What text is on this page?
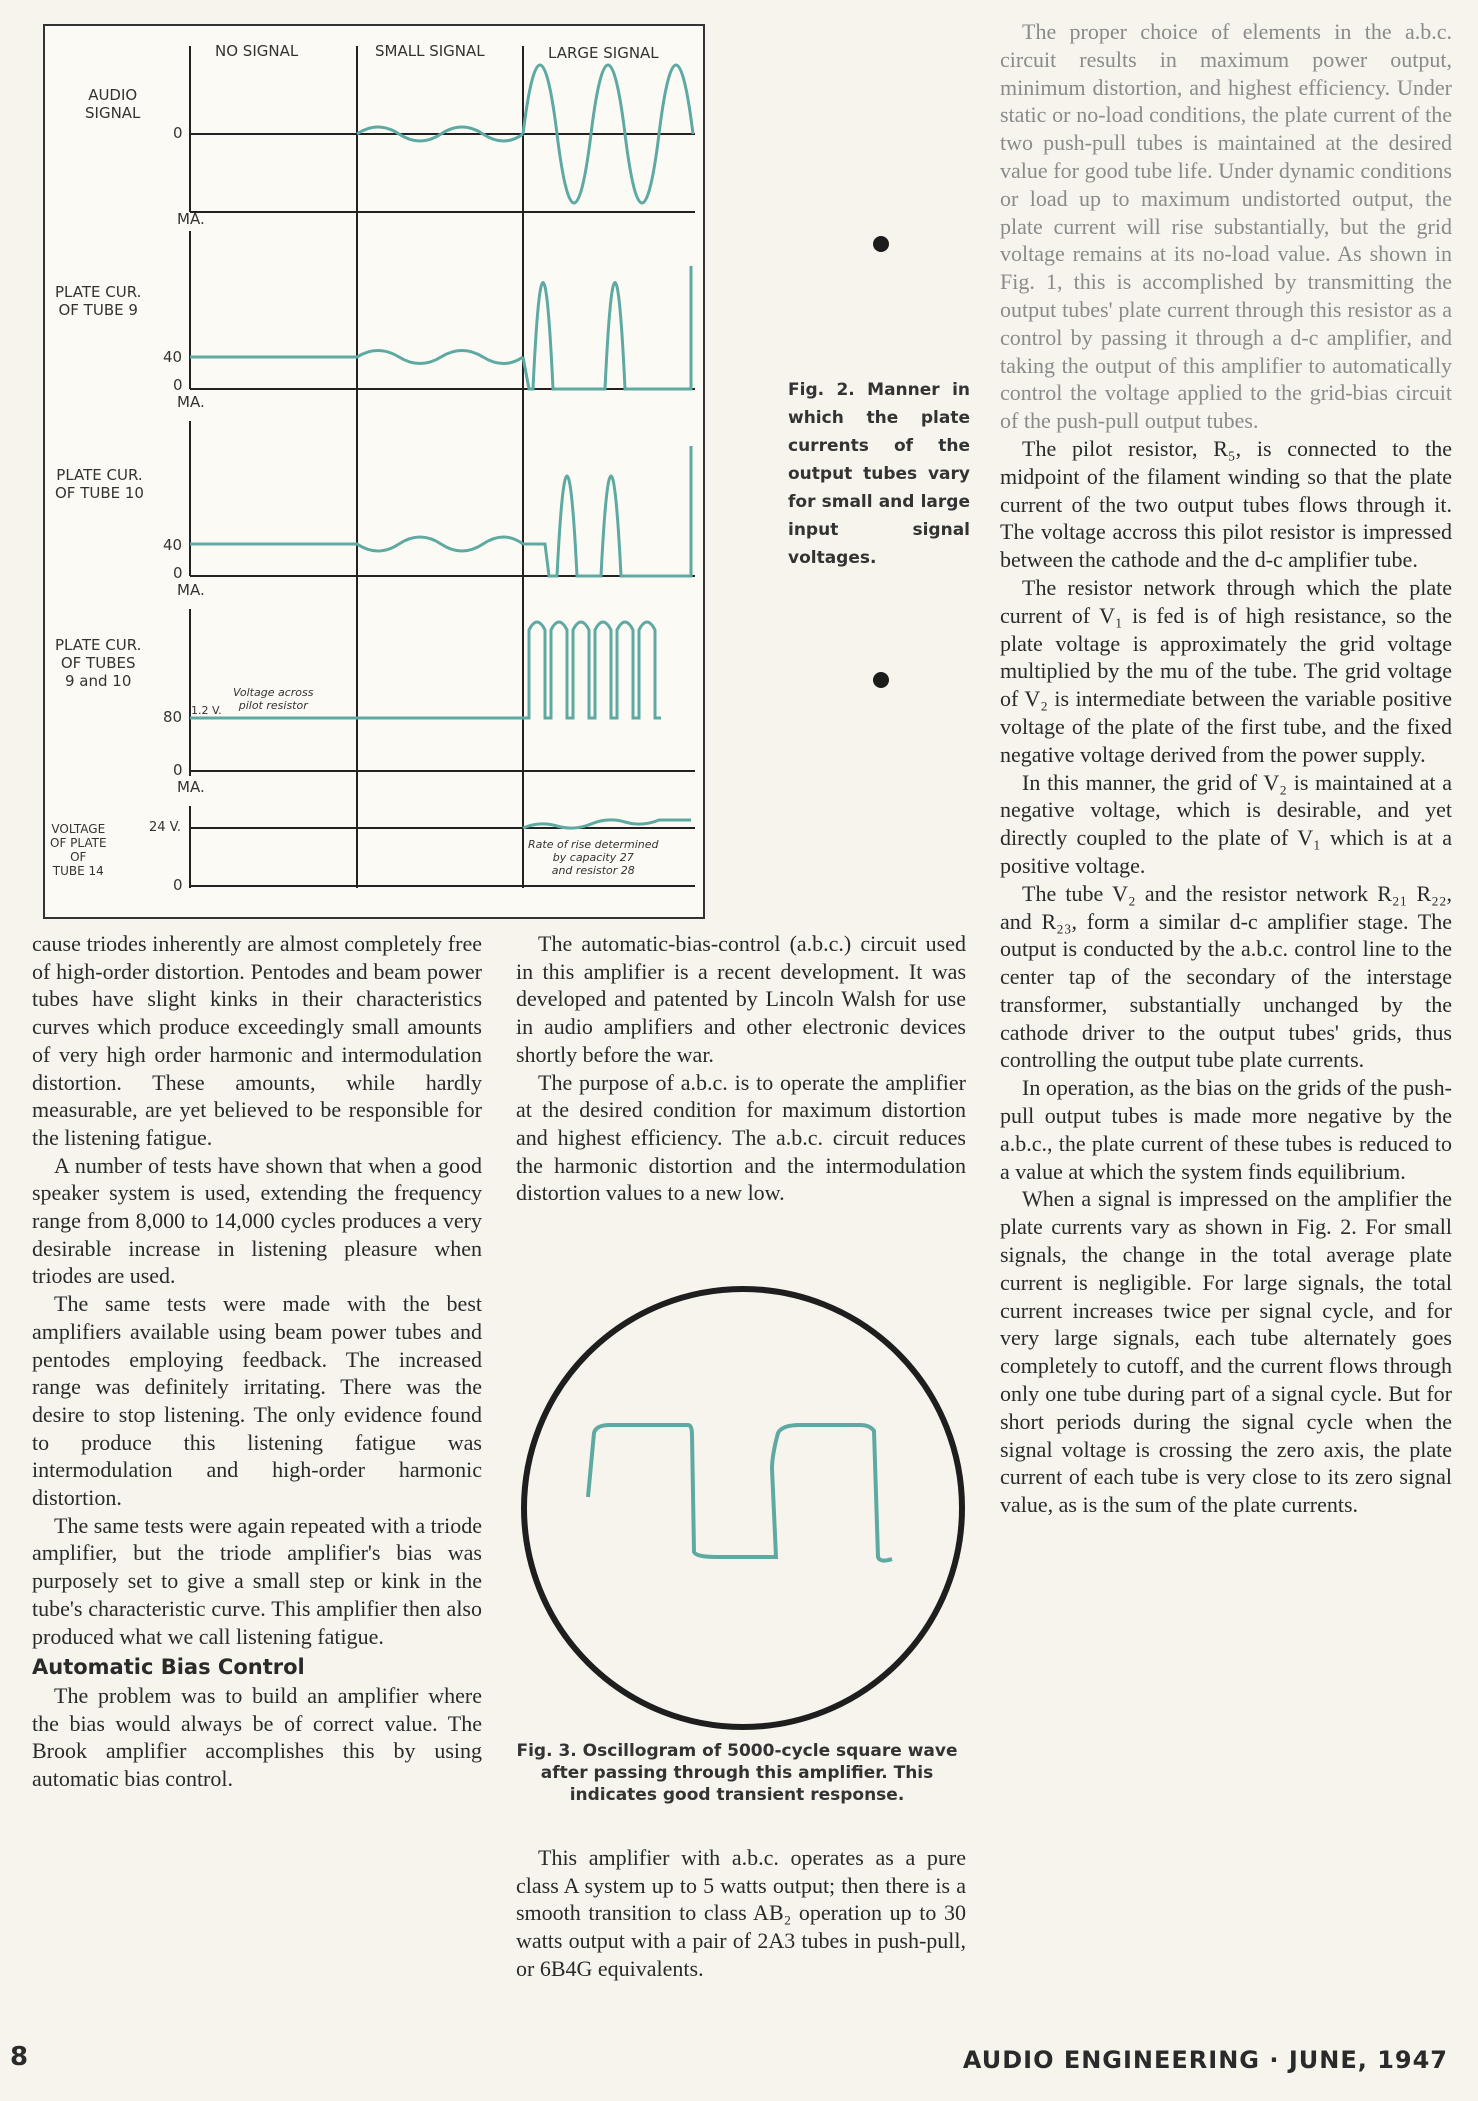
NO SIGNAL	SMALL SIGNAL	LARGE SIGNAL
AUDIO
SIGNAL
PLATE CUR.
OF TUBE 9
PLATE CUR.
OF TUBE 10
PLATE CUR.
OF TUBES
9 and 10
VOLTAGE
OF PLATE
OF
TUBE 14
0
MA.
40
0
MA.
40
0
MA.
80 1.2 V.
0
MA.
24 V.
0
Voltage across
pilot resistor
Rate of rise determined
by capacity 27
and resistor 28
Fig. 2. Manner in which the plate currents of the output tubes vary for small and large input signal voltages.

cause triodes inherently are almost completely free of high-order distortion. Pentodes and beam power tubes have slight kinks in their characteristics curves which produce exceedingly small amounts of very high order harmonic and intermodulation distortion. These amounts, while hardly measurable, are yet believed to be responsible for the listening fatigue.

A number of tests have shown that when a good speaker system is used, extending the frequency range from 8,000 to 14,000 cycles produces a very desirable increase in listening pleasure when triodes are used.

The same tests were made with the best amplifiers available using beam power tubes and pentodes employing feedback. The increased range was definitely irritating. There was the desire to stop listening. The only evidence found to produce this listening fatigue was intermodulation and high-order harmonic distortion.

The same tests were again repeated with a triode amplifier, but the triode amplifier's bias was purposely set to give a small step or kink in the tube's characteristic curve. This amplifier then also produced what we call listening fatigue.

Automatic Bias Control

The problem was to build an amplifier where the bias would always be of correct value. The Brook amplifier accomplishes this by using automatic bias control.

The automatic-bias-control (a.b.c.) circuit used in this amplifier is a recent development. It was developed and patented by Lincoln Walsh for use in audio amplifiers and other electronic devices shortly before the war.

The purpose of a.b.c. is to operate the amplifier at the desired condition for maximum distortion and highest efficiency. The a.b.c. circuit reduces the harmonic distortion and the intermodulation distortion values to a new low.

Fig. 3. Oscillogram of 5000-cycle square wave after passing through this amplifier. This indicates good transient response.

This amplifier with a.b.c. operates as a pure class A system up to 5 watts output; then there is a smooth transition to class AB₂ operation up to 30 watts output with a pair of 2A3 tubes in push-pull, or 6B4G equivalents.

The proper choice of elements in the a.b.c. circuit results in maximum power output, minimum distortion, and highest efficiency. Under static or no-load conditions, the plate current of the two push-pull tubes is maintained at the desired value for good tube life. Under dynamic conditions or load up to maximum undistorted output, the plate current will rise substantially, but the grid voltage remains at its no-load value. As shown in Fig. 1, this is accomplished by transmitting the output tubes' plate current through this resistor as a control by passing it through a d-c amplifier, and taking the output of this amplifier to automatically control the voltage applied to the grid-bias circuit of the push-pull output tubes.

The pilot resistor, R₅, is connected to the midpoint of the filament winding so that the plate current of the two output tubes flows through it. The voltage accross this pilot resistor is impressed between the cathode and the d-c amplifier tube.

The resistor network through which the plate current of V₁ is fed is of high resistance, so the plate voltage is approximately the grid voltage multiplied by the mu of the tube. The grid voltage of V₂ is intermediate between the variable positive voltage of the plate of the first tube, and the fixed negative voltage derived from the power supply.

In this manner, the grid of V₂ is maintained at a negative voltage, which is desirable, and yet directly coupled to the plate of V₁ which is at a positive voltage.

The tube V₂ and the resistor network R₂₁ R₂₂, and R₂₃, form a similar d-c amplifier stage. The output is conducted by the a.b.c. control line to the center tap of the secondary of the interstage transformer, substantially unchanged by the cathode driver to the output tubes' grids, thus controlling the output tube plate currents.

In operation, as the bias on the grids of the push-pull output tubes is made more negative by the a.b.c., the plate current of these tubes is reduced to a value at which the system finds equilibrium.

When a signal is impressed on the amplifier the plate currents vary as shown in Fig. 2. For small signals, the change in the total average plate current is negligible. For large signals, the total current increases twice per signal cycle, and for very large signals, each tube alternately goes completely to cutoff, and the current flows through only one tube during part of a signal cycle. But for short periods during the signal cycle when the signal voltage is crossing the zero axis, the plate current of each tube is very close to its zero signal value, as is the sum of the plate currents.

8	AUDIO ENGINEERING · JUNE, 1947
